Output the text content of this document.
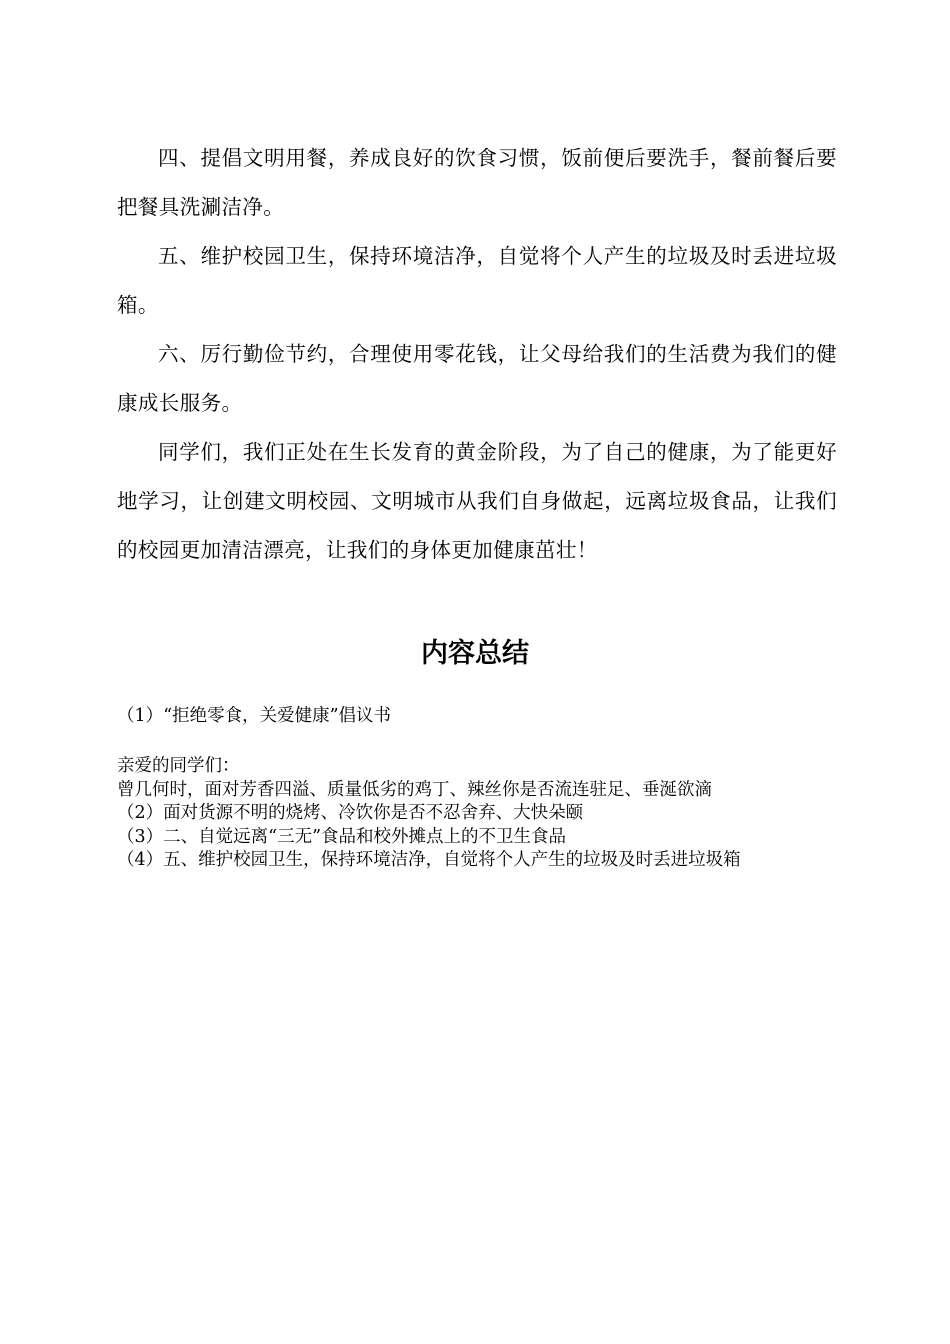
四、提倡文明用餐，养成良好的饮食习惯，饭前便后要洗手，餐前餐后要把餐具洗涮洁净。

五、维护校园卫生，保持环境洁净，自觉将个人产生的垃圾及时丢进垃圾箱。

六、厉行勤俭节约，合理使用零花钱，让父母给我们的生活费为我们的健康成长服务。

同学们，我们正处在生长发育的黄金阶段，为了自己的健康，为了能更好地学习，让创建文明校园、文明城市从我们自身做起，远离垃圾食品，让我们的校园更加清洁漂亮，让我们的身体更加健康茁壮！

内容总结
（1）“拒绝零食，关爱健康”倡议书
亲爱的同学们：
曾几何时，面对芳香四溢、质量低劣的鸡丁、辣丝你是否流连驻足、垂涎欲滴
（2）面对货源不明的烧烤、冷饮你是否不忍舍弃、大快朵颐
（3）二、自觉远离“三无”食品和校外摊点上的不卫生食品
（4）五、维护校园卫生，保持环境洁净，自觉将个人产生的垃圾及时丢进垃圾箱
